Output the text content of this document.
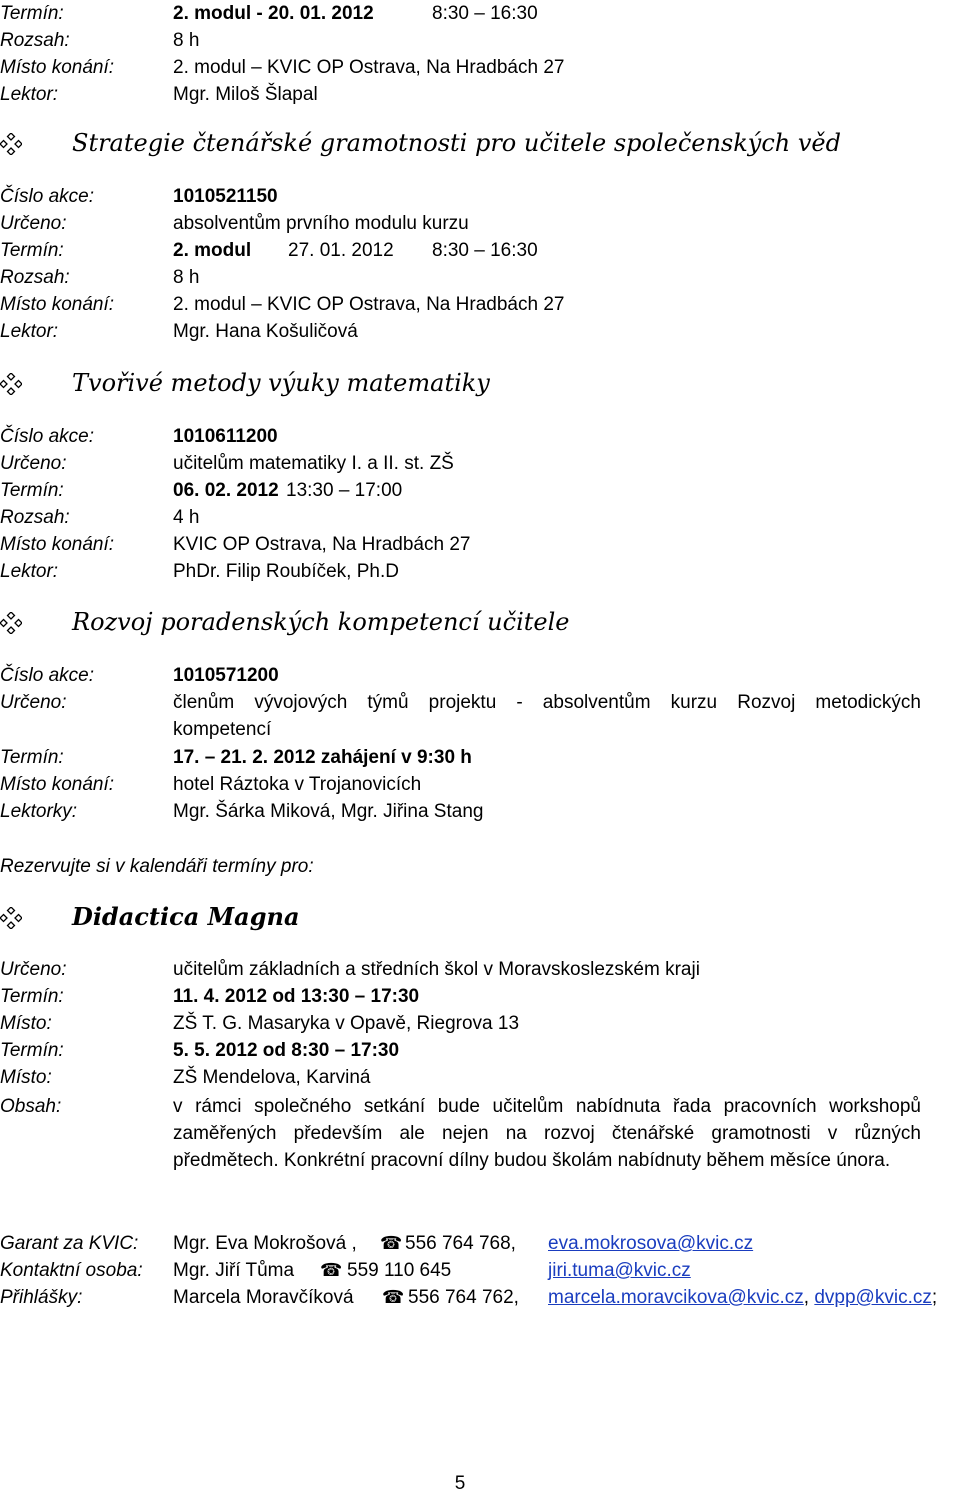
Termín:	2. modul - 20. 01. 2012	8:30 – 16:30
Rozsah:	8 h
Místo konání:	2. modul – KVIC OP Ostrava, Na Hradbách 27
Lektor:	Mgr. Miloš Šlapal
Strategie čtenářské gramotnosti pro učitele společenských věd
Číslo akce:	1010521150
Určeno:	absolventům prvního modulu kurzu
Termín:	2. modul 27. 01. 2012 8:30 – 16:30
Rozsah:	8 h
Místo konání:	2. modul – KVIC OP Ostrava, Na Hradbách 27
Lektor:	Mgr. Hana Košuličová
Tvořivé metody výuky matematiky
Číslo akce:	1010611200
Určeno:	učitelům matematiky I. a II. st. ZŠ
Termín:	06. 02. 2012 13:30 – 17:00
Rozsah:	4 h
Místo konání:	KVIC OP Ostrava, Na Hradbách 27
Lektor:	PhDr. Filip Roubíček, Ph.D
Rozvoj poradenských kompetencí učitele
Číslo akce:	1010571200
Určeno:	členům vývojových týmů projektu - absolventům kurzu Rozvoj metodických kompetencí
Termín:	17. – 21. 2. 2012 zahájení v 9:30 h
Místo konání:	hotel Ráztoka v Trojanovicích
Lektorky:	Mgr. Šárka Miková, Mgr. Jiřina Stang
Rezervujte si v kalendáři termíny pro:
Didactica Magna
Určeno:	učitelům základních a středních škol v Moravskoslezském kraji
Termín:	11. 4. 2012 od 13:30 – 17:30
Místo:	ZŠ T. G. Masaryka v Opavě, Riegrova 13
Termín:	5. 5. 2012 od 8:30 – 17:30
Místo:	ZŠ Mendelova, Karviná
Obsah:	v rámci společného setkání bude učitelům nabídnuta řada pracovních workshopů zaměřených především ale nejen na rozvoj čtenářské gramotnosti v různých předmětech. Konkrétní pracovní dílny budou školám nabídnuty během měsíce února.
Garant za KVIC: Mgr. Eva Mokrošová , ☎ 556 764 768, eva.mokrosova@kvic.cz
Kontaktní osoba: Mgr. Jiří Tůma ☎ 559 110 645	jiri.tuma@kvic.cz
Přihlášky:	Marcela Moravčíková ☎ 556 764 762, marcela.moravcikova@kvic.cz, dvpp@kvic.cz;
5
